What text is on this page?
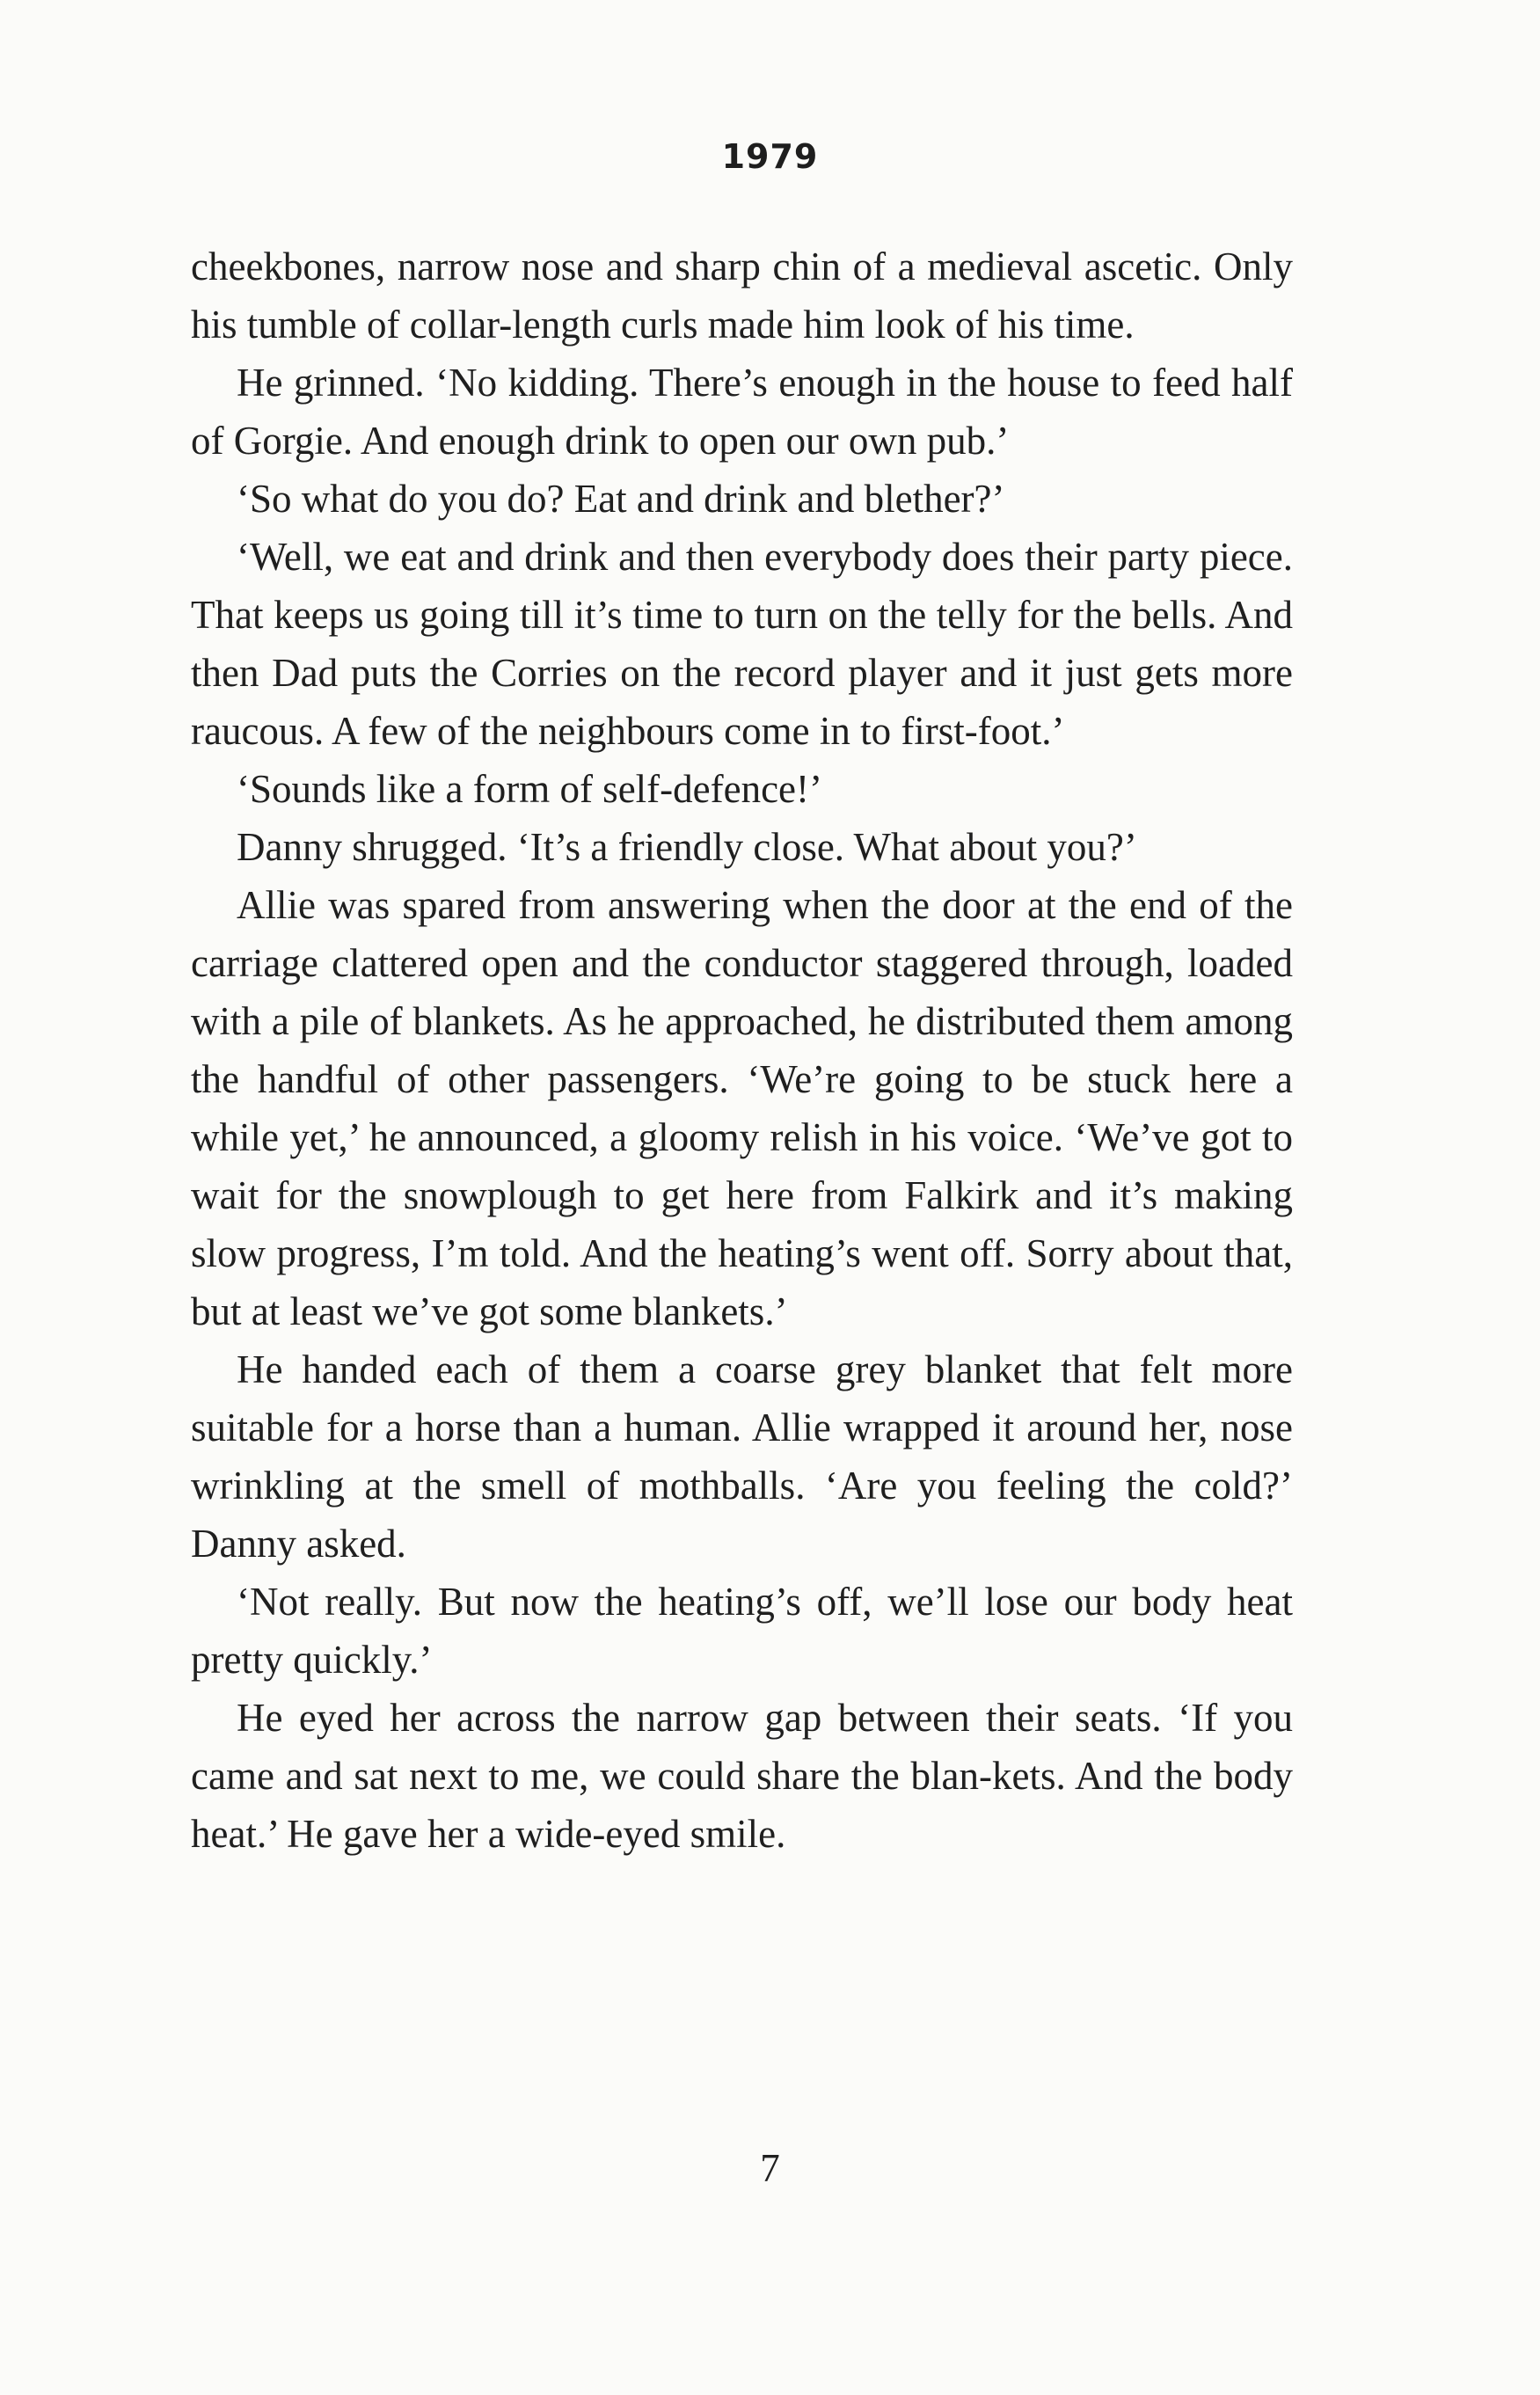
1979

cheekbones, narrow nose and sharp chin of a medieval ascetic. Only his tumble of collar-length curls made him look of his time.

He grinned. ‘No kidding. There’s enough in the house to feed half of Gorgie. And enough drink to open our own pub.’

‘So what do you do? Eat and drink and blether?’

‘Well, we eat and drink and then everybody does their party piece. That keeps us going till it’s time to turn on the telly for the bells. And then Dad puts the Corries on the record player and it just gets more raucous. A few of the neighbours come in to first-foot.’

‘Sounds like a form of self-defence!’

Danny shrugged. ‘It’s a friendly close. What about you?’

Allie was spared from answering when the door at the end of the carriage clattered open and the conductor staggered through, loaded with a pile of blankets. As he approached, he distributed them among the handful of other passengers. ‘We’re going to be stuck here a while yet,’ he announced, a gloomy relish in his voice. ‘We’ve got to wait for the snowplough to get here from Falkirk and it’s making slow progress, I’m told. And the heating’s went off. Sorry about that, but at least we’ve got some blankets.’

He handed each of them a coarse grey blanket that felt more suitable for a horse than a human. Allie wrapped it around her, nose wrinkling at the smell of mothballs. ‘Are you feeling the cold?’ Danny asked.

‘Not really. But now the heating’s off, we’ll lose our body heat pretty quickly.’

He eyed her across the narrow gap between their seats. ‘If you came and sat next to me, we could share the blan-kets. And the body heat.’ He gave her a wide-eyed smile.

7
